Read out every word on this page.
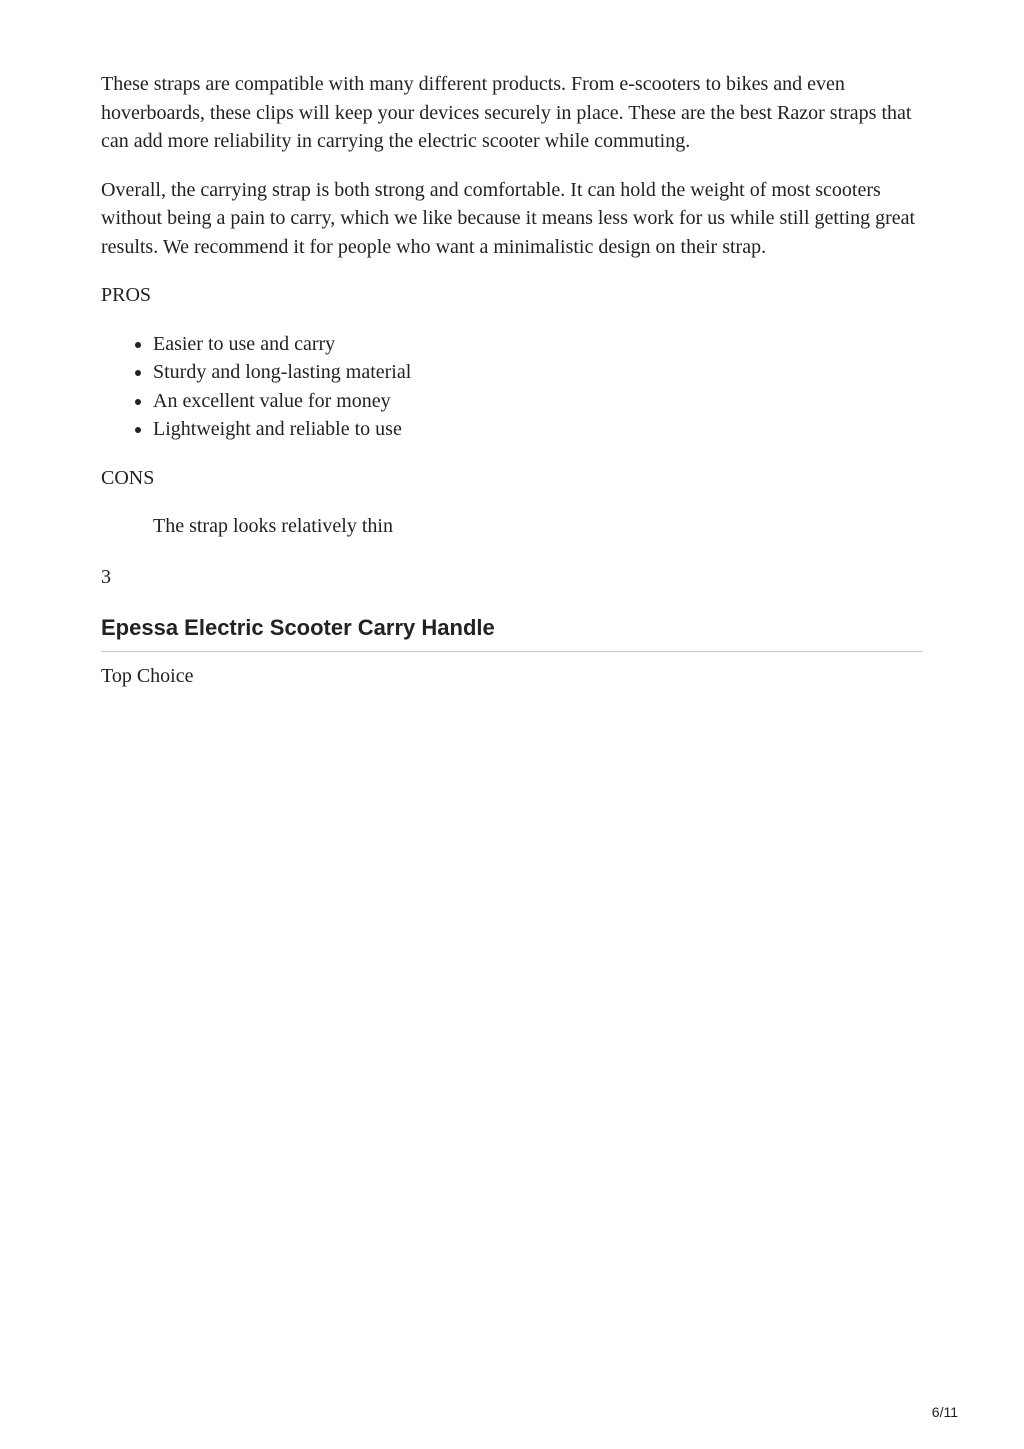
These straps are compatible with many different products. From e-scooters to bikes and even hoverboards, these clips will keep your devices securely in place. These are the best Razor straps that can add more reliability in carrying the electric scooter while commuting.

Overall, the carrying strap is both strong and comfortable. It can hold the weight of most scooters without being a pain to carry, which we like because it means less work for us while still getting great results. We recommend it for people who want a minimalistic design on their strap.

PROS
• Easier to use and carry
• Sturdy and long-lasting material
• An excellent value for money
• Lightweight and reliable to use
CONS
The strap looks relatively thin
3
Epessa Electric Scooter Carry Handle
Top Choice
6/11
